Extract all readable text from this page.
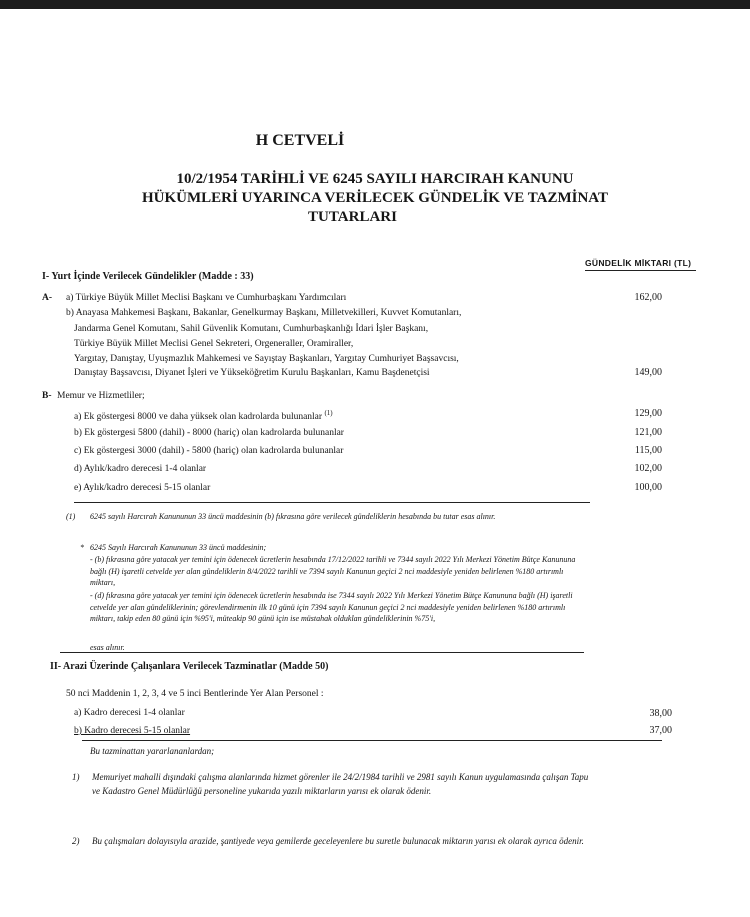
H CETVELİ
10/2/1954 TARİHLİ VE 6245 SAYILI HARCIRAH KANUNU
HÜKÜMLERİ UYARINCA VERİLECEK GÜNDELİK VE TAZMİNAT
TUTARLARI
GÜNDELİK MİKTARI (TL)
I- Yurt İçinde Verilecek Gündelikler (Madde : 33)
A- a) Türkiye Büyük Millet Meclisi Başkanı ve Cumhurbaşkanı Yardımcıları	162,00
b) Anayasa Mahkemesi Başkanı, Bakanlar, Genelkurmay Başkanı, Milletvekilleri, Kuvvet Komutanları,
Jandarma Genel Komutanı, Sahil Güvenlik Komutanı, Cumhurbaşkanlığı İdari İşler Başkanı,
Türkiye Büyük Millet Meclisi Genel Sekreteri, Orgeneraller, Oramiraller,
Yargıtay, Danıştay, Uyuşmazlık Mahkemesi ve Sayıştay Başkanları, Yargıtay Cumhuriyet Başsavcısı,
Danıştay Başsavcısı, Diyanet İşleri ve Yükseköğretim Kurulu Başkanları, Kamu Başdenetçisi	149,00
B- Memur ve Hizmetliler;
a) Ek göstergesi 8000 ve daha yüksek olan kadrolarda bulunanlar $^{(1)}$	129,00
b) Ek göstergesi 5800 (dahil) - 8000 (hariç) olan kadrolarda bulunanlar	121,00
c) Ek göstergesi 3000 (dahil) - 5800 (hariç) olan kadrolarda bulunanlar	115,00
d) Aylık/kadro derecesi 1-4 olanlar	102,00
e) Aylık/kadro derecesi 5-15 olanlar	100,00
(1)	6245 sayılı Harcırah Kanununun 33 üncü maddesinin (b) fıkrasına göre verilecek gündeliklerin hesabında bu tutar esas alınır.
* 6245 Sayılı Harcırah Kanununun 33 üncü maddesinin;
- (b) fıkrasına göre yatacak yer temini için ödenecek ücretlerin hesabında 17/12/2022 tarihli ve 7344 sayılı 2022 Yılı Merkezi Yönetim Bütçe Kanununa bağlı (H) işaretli cetvelde yer alan gündeliklerin 8/4/2022 tarihli ve 7394 sayılı Kanunun geçici 2 nci maddesiyle yeniden belirlenen %180 artırımlı miktarı,
- (d) fıkrasına göre yatacak yer temini için ödenecek ücretlerin hesabında ise 7344 sayılı 2022 Yılı Merkezi Yönetim Bütçe Kanununa bağlı (H) işaretli cetvelde yer alan gündeliklerinin; görevlendirmenin ilk 10 günü için 7394 sayılı Kanunun geçici 2 nci maddesiyle yeniden belirlenen %180 artırımlı miktarı, takip eden 80 günü için %95'i, müteakip 90 günü için ise müstahak olduklan gündeliklerinin %75'i,
esas alınır.
II- Arazi Üzerinde Çalışanlara Verilecek Tazminatlar (Madde 50)
50 nci Maddenin 1, 2, 3, 4 ve 5 inci Bentlerinde Yer Alan Personel :
a) Kadro derecesi 1-4 olanlar	38,00
b) Kadro derecesi 5-15 olanlar	37,00
Bu tazminattan yararlananlardan;
1)	Memuriyet mahalli dışındaki çalışma alanlarında hizmet görenler ile 24/2/1984 tarihli ve 2981 sayılı Kanun uygulamasında çalışan Tapu ve Kadastro Genel Müdürlüğü personeline yukarıda yazılı miktarların yarısı ek olarak ödenir.
2)	Bu çalışmaları dolayısıyla arazide, şantiyede veya gemilerde geceleyenlere bu suretle bulunacak miktarın yarısı ek olarak ayrıca ödenir.
